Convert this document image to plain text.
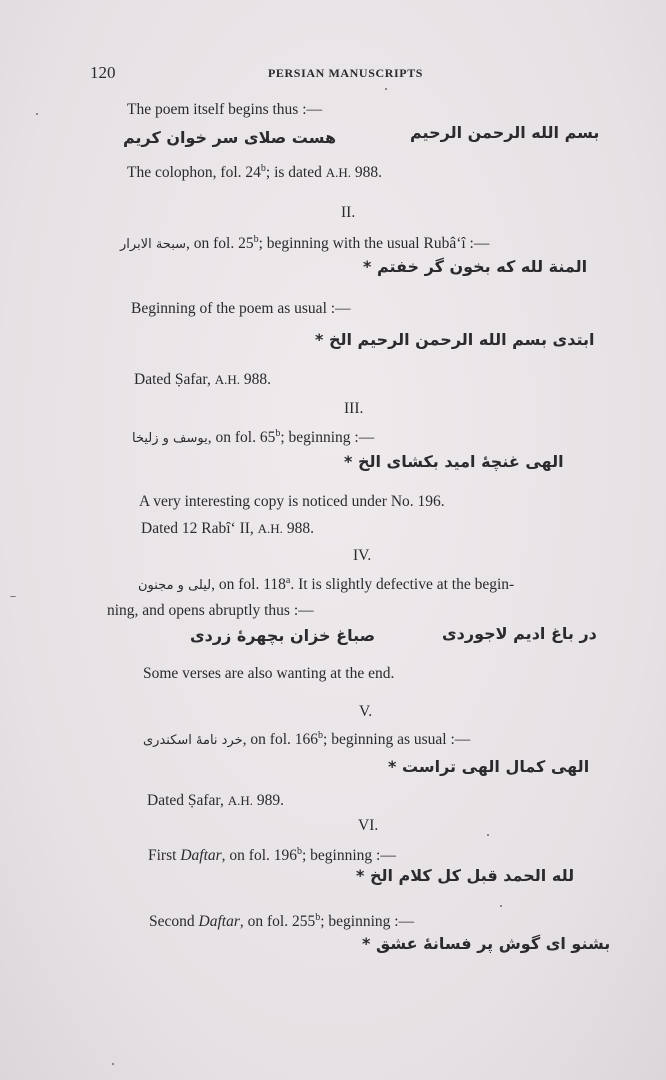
120	PERSIAN MANUSCRIPTS
The poem itself begins thus :—
بسم الله الرحمن الرحيم
هست صلای سر خوان کریم
The colophon, fol. 24$^b$; is dated A.H. 988.
II.
سبحة الابرار, on fol. 25$^b$; beginning with the usual Rubâ‘î :—
المنة لله که بخون گر خفتم *
Beginning of the poem as usual :—
ابتدی بسم الله الرحمن الرحیم الخ *
Dated Ṣafar, A.H. 988.
III.
یوسف و زلیخا, on fol. 65$^b$; beginning :—
الهی غنچۀ امید بکشای الخ *
A very interesting copy is noticed under No. 196.
Dated 12 Rabî‘ II, A.H. 988.
IV.
لیلی و مجنون, on fol. 118$^a$. It is slightly defective at the begin-
ning, and opens abruptly thus :—
در باغ ادیم لاجوردی
صباغ خزان بچهرۀ زردی
Some verses are also wanting at the end.
V.
خرد نامۀ اسکندری, on fol. 166$^b$; beginning as usual :—
الهی کمال الهی تراست *
Dated Ṣafar, A.H. 989.
VI.
First Daftar, on fol. 196$^b$; beginning :—
لله الحمد قبل کل کلام الخ *
Second Daftar, on fol. 255$^b$; beginning :—
بشنو ای گوش پر فسانۀ عشق *
